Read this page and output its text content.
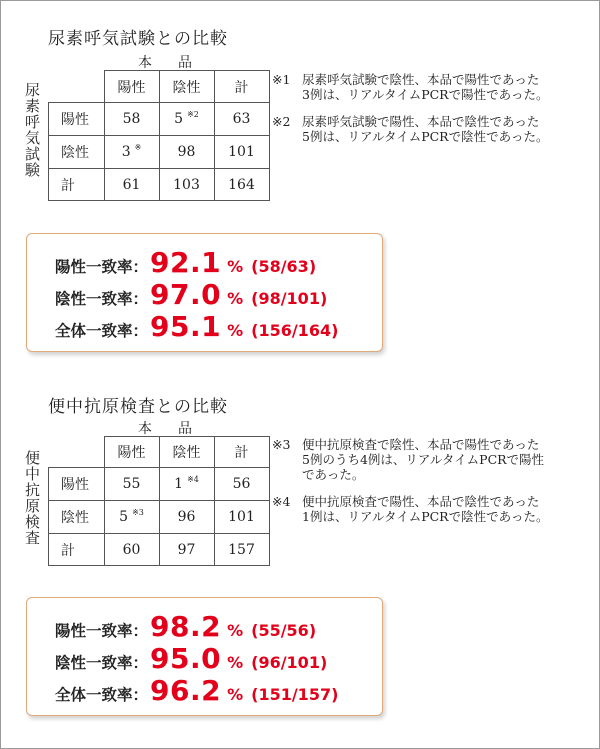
尿素呼気試験との比較
本　品
尿素呼気試験
		陽性	陰性	計
陽性	58	5 $^{※2}$	63
陰性	3 ※	98	101
計	61	103	164
※1 尿素呼気試験で陰性、本品で陽性であった
3例は、リアルタイムPCRで陽性であった。
※2 尿素呼気試験で陽性、本品で陰性であった
5例は、リアルタイムPCRで陰性であった。
陽性一致率： 92.1 % (58/63)
陰性一致率： 97.0 % (98/101)
全体一致率： 95.1 % (156/164)
便中抗原検査との比較
本　品
便中抗原検査
		陽性	陰性	計
陽性	55	1 $^{※4}$	56
陰性	5 $^{※3}$	96	101
計	60	97	157
※3 便中抗原検査で陰性、本品で陽性であった
5例のうち4例は、リアルタイムPCRで陽性
であった。
※4 便中抗原検査で陽性、本品で陰性であった
1例は、リアルタイムPCRで陰性であった。
陽性一致率： 98.2 % (55/56)
陰性一致率： 95.0 % (96/101)
全体一致率： 96.2 % (151/157)
